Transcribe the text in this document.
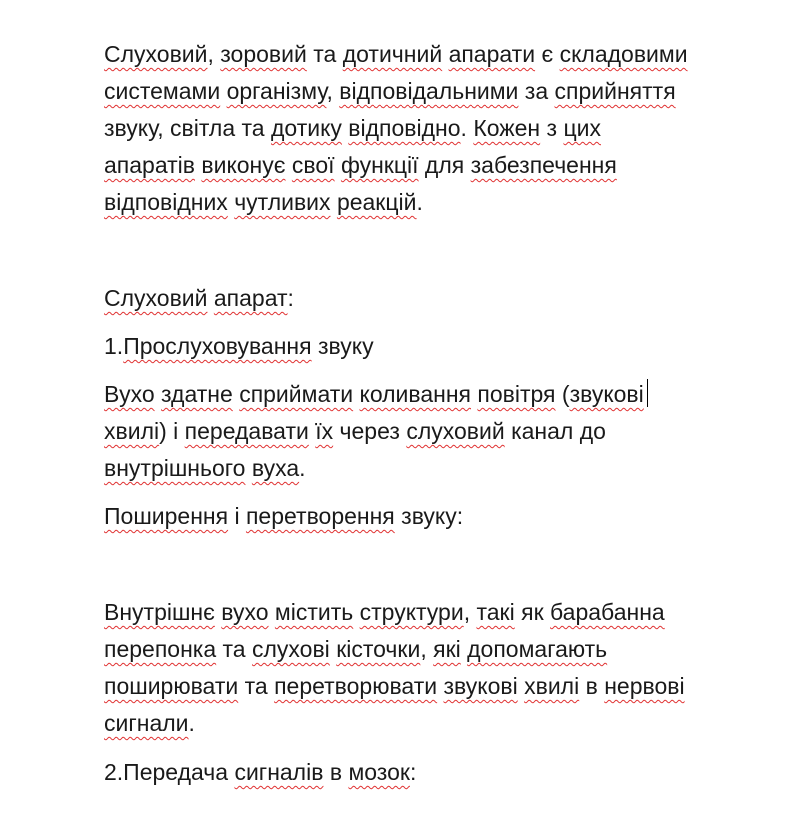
Слуховий, зоровий та дотичний апарати є складовими
системами організму, відповідальними за сприйняття
звуку, світла та дотику відповідно. Кожен з цих
апаратів виконує свої функції для забезпечення
відповідних чутливих реакцій.
Слуховий апарат:
1.Прослуховування звуку
Вухо здатне сприймати коливання повітря (звукові
хвилі) і передавати їх через слуховий канал до
внутрішнього вуха.
Поширення і перетворення звуку:
Внутрішнє вухо містить структури, такі як барабанна
перепонка та слухові кісточки, які допомагають
поширювати та перетворювати звукові хвилі в нервові
сигнали.
2.Передача сигналів в мозок:
